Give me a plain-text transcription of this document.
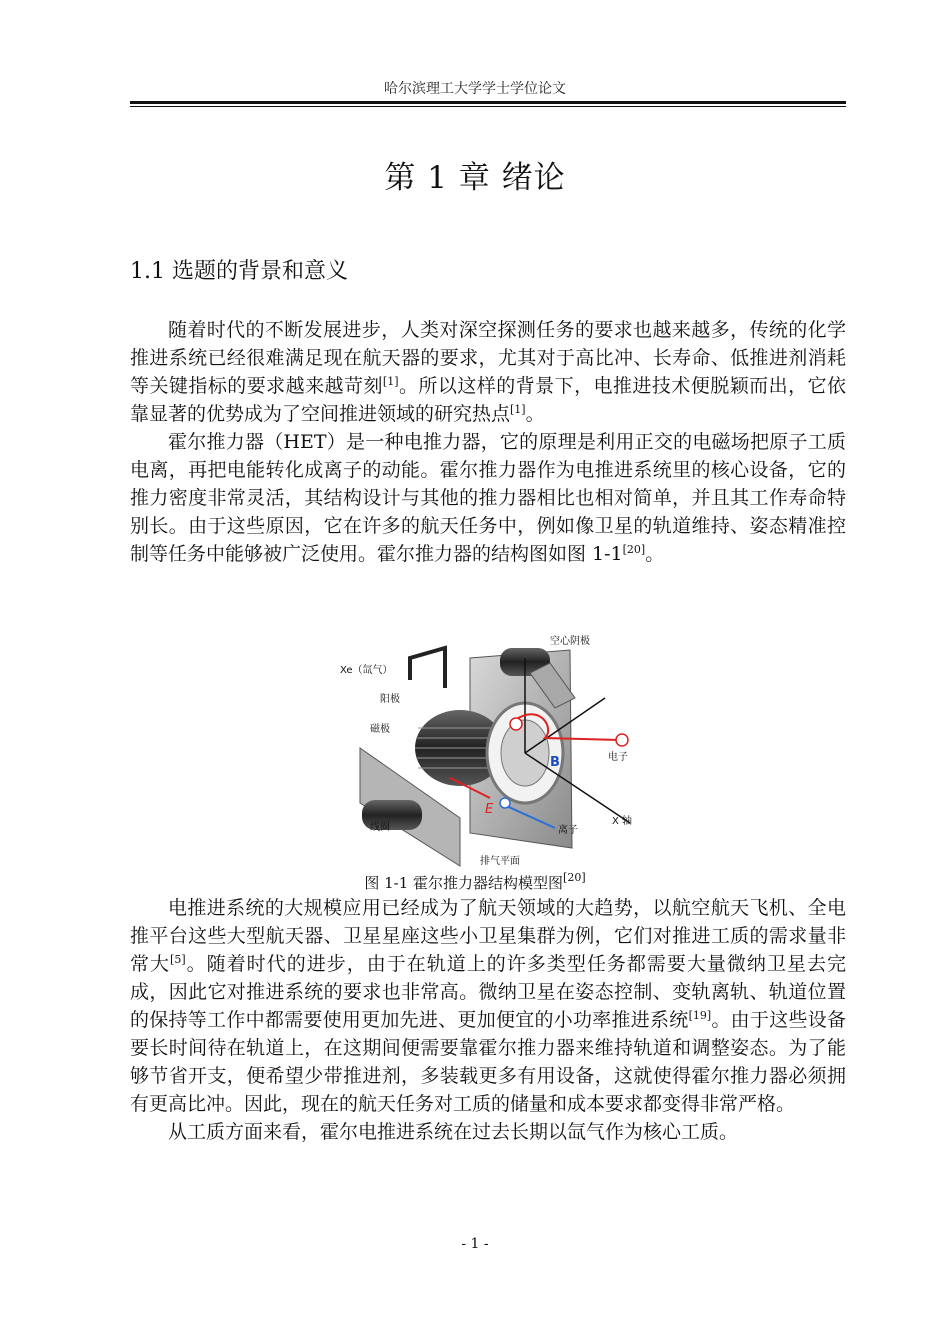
哈尔滨理工大学学士学位论文
第 1 章 绪论
1.1 选题的背景和意义

随着时代的不断发展进步，人类对深空探测任务的要求也越来越多，传统的化学推进系统已经很难满足现在航天器的要求，尤其对于高比冲、长寿命、低推进剂消耗等关键指标的要求越来越苛刻[1]。所以这样的背景下，电推进技术便脱颖而出，它依靠显著的优势成为了空间推进领域的研究热点[1]。

霍尔推力器（HET）是一种电推力器，它的原理是利用正交的电磁场把原子工质电离，再把电能转化成离子的动能。霍尔推力器作为电推进系统里的核心设备，它的推力密度非常灵活，其结构设计与其他的推力器相比也相对简单，并且其工作寿命特别长。由于这些原因，它在许多的航天任务中，例如像卫星的轨道维持、姿态精准控制等任务中能够被广泛使用。霍尔推力器的结构图如图 1-1[20]。

空心阴极
Xe（氙气）
阳极
磁极
电子
B
线圈
E
离子
X 轴
排气平面
图 1-1 霍尔推力器结构模型图[20]

电推进系统的大规模应用已经成为了航天领域的大趋势，以航空航天飞机、全电推平台这些大型航天器、卫星星座这些小卫星集群为例，它们对推进工质的需求量非常大[5]。随着时代的进步，由于在轨道上的许多类型任务都需要大量微纳卫星去完成，因此它对推进系统的要求也非常高。微纳卫星在姿态控制、变轨离轨、轨道位置的保持等工作中都需要使用更加先进、更加便宜的小功率推进系统[19]。由于这些设备要长时间待在轨道上，在这期间便需要靠霍尔推力器来维持轨道和调整姿态。为了能够节省开支，便希望少带推进剂，多装载更多有用设备，这就使得霍尔推力器必须拥有更高比冲。因此，现在的航天任务对工质的储量和成本要求都变得非常严格。

从工质方面来看，霍尔电推进系统在过去长期以氙气作为核心工质。

- 1 -
